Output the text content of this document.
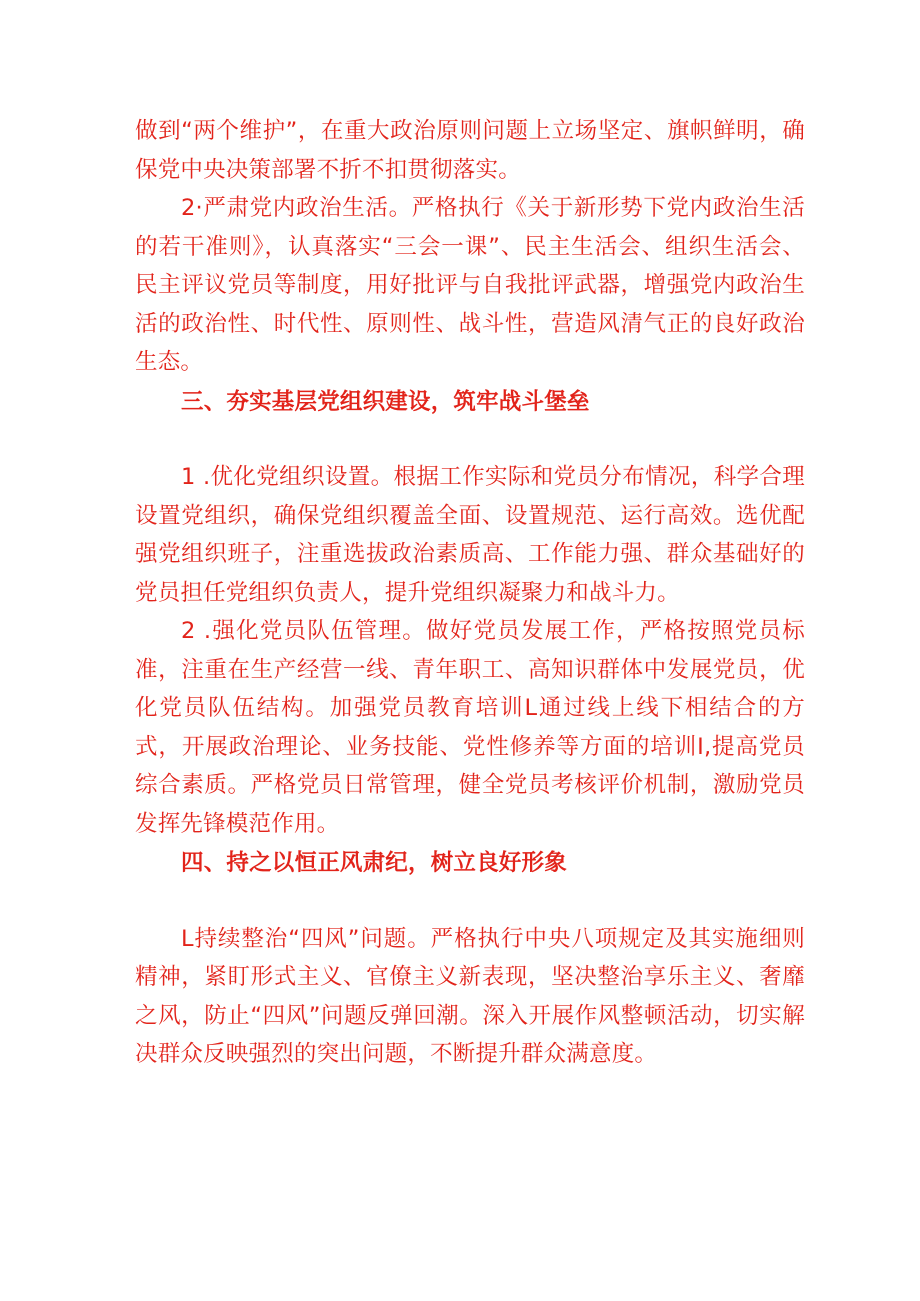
做到“两个维护”，在重大政治原则问题上立场坚定、旗帜鲜明，确保党中央决策部署不折不扣贯彻落实。

2·严肃党内政治生活。严格执行《关于新形势下党内政治生活的若干准则》，认真落实“三会一课”、民主生活会、组织生活会、民主评议党员等制度，用好批评与自我批评武器，增强党内政治生活的政治性、时代性、原则性、战斗性，营造风清气正的良好政治生态。

三、夯实基层党组织建设，筑牢战斗堡垒

1 .优化党组织设置。根据工作实际和党员分布情况，科学合理设置党组织，确保党组织覆盖全面、设置规范、运行高效。选优配强党组织班子，注重选拔政治素质高、工作能力强、群众基础好的党员担任党组织负责人，提升党组织凝聚力和战斗力。

2 .强化党员队伍管理。做好党员发展工作，严格按照党员标准，注重在生产经营一线、青年职工、高知识群体中发展党员，优化党员队伍结构。加强党员教育培训L通过线上线下相结合的方式，开展政治理论、业务技能、党性修养等方面的培训I,提高党员综合素质。严格党员日常管理，健全党员考核评价机制，激励党员发挥先锋模范作用。

四、持之以恒正风肃纪，树立良好形象

L持续整治“四风”问题。严格执行中央八项规定及其实施细则精神，紧盯形式主义、官僚主义新表现，坚决整治享乐主义、奢靡之风，防止“四风”问题反弹回潮。深入开展作风整顿活动，切实解决群众反映强烈的突出问题，不断提升群众满意度。
